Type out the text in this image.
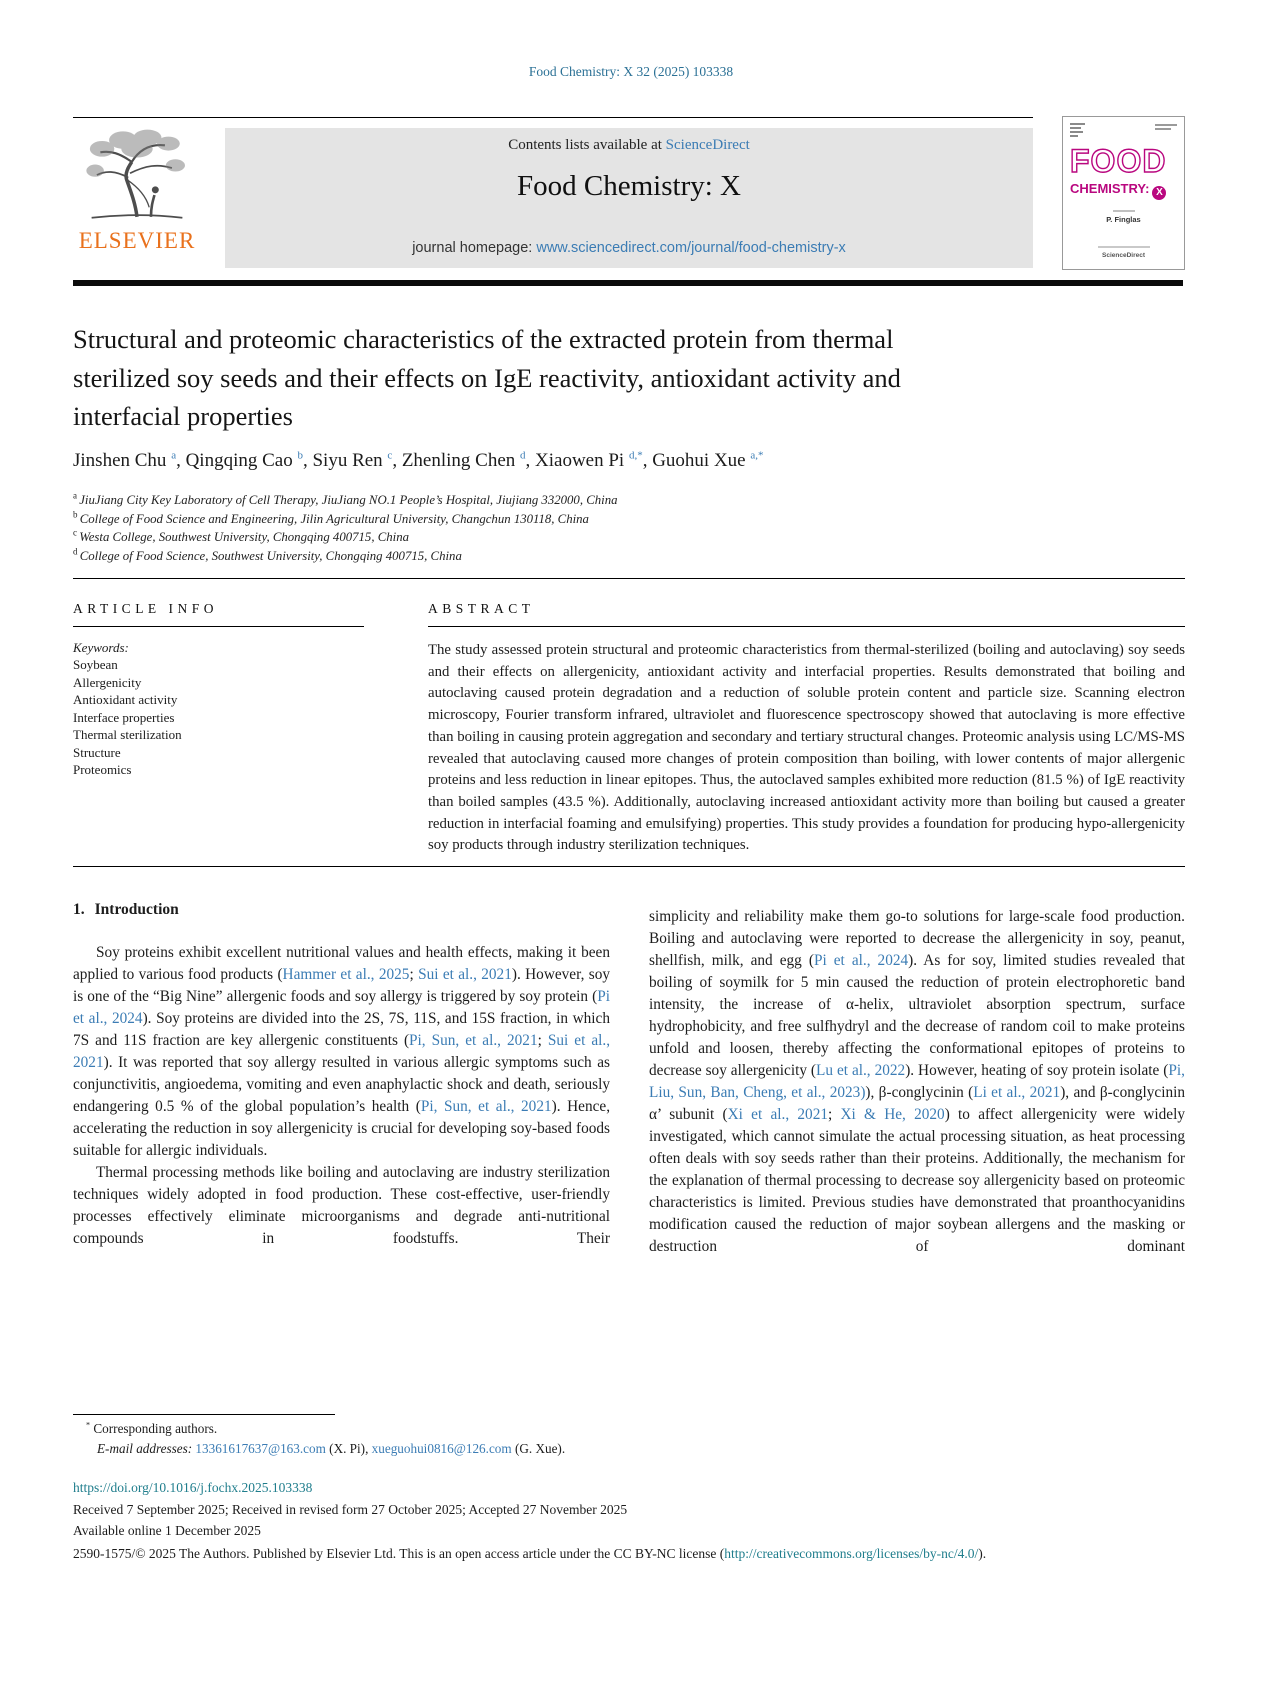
Food Chemistry: X 32 (2025) 103338
ELSEVIER
Contents lists available at ScienceDirect
Food Chemistry: X
journal homepage: www.sciencedirect.com/journal/food-chemistry-x
FOOD
CHEMISTRY: X
P. Finglas
ScienceDirect
Structural and proteomic characteristics of the extracted protein from thermal sterilized soy seeds and their effects on IgE reactivity, antioxidant activity and interfacial properties
Jinshen Chu $^a$, Qingqing Cao $^b$, Siyu Ren $^c$, Zhenling Chen $^d$, Xiaowen Pi $^{d,*}$, Guohui Xue $^{a,*}$
$^a$ JiuJiang City Key Laboratory of Cell Therapy, JiuJiang NO.1 People’s Hospital, Jiujiang 332000, China
$^b$ College of Food Science and Engineering, Jilin Agricultural University, Changchun 130118, China
$^c$ Westa College, Southwest University, Chongqing 400715, China
$^d$ College of Food Science, Southwest University, Chongqing 400715, China
ARTICLE INFO
Keywords:
Soybean
Allergenicity
Antioxidant activity
Interface properties
Thermal sterilization
Structure
Proteomics
ABSTRACT
The study assessed protein structural and proteomic characteristics from thermal-sterilized (boiling and autoclaving) soy seeds and their effects on allergenicity, antioxidant activity and interfacial properties. Results demonstrated that boiling and autoclaving caused protein degradation and a reduction of soluble protein content and particle size. Scanning electron microscopy, Fourier transform infrared, ultraviolet and fluorescence spectroscopy showed that autoclaving is more effective than boiling in causing protein aggregation and secondary and tertiary structural changes. Proteomic analysis using LC/MS-MS revealed that autoclaving caused more changes of protein composition than boiling, with lower contents of major allergenic proteins and less reduction in linear epitopes. Thus, the autoclaved samples exhibited more reduction (81.5 %) of IgE reactivity than boiled samples (43.5 %). Additionally, autoclaving increased antioxidant activity more than boiling but caused a greater reduction in interfacial foaming and emulsifying) properties. This study provides a foundation for producing hypo-allergenicity soy products through industry sterilization techniques.
1. Introduction

Soy proteins exhibit excellent nutritional values and health effects, making it been applied to various food products (Hammer et al., 2025; Sui et al., 2021). However, soy is one of the “Big Nine” allergenic foods and soy allergy is triggered by soy protein (Pi et al., 2024). Soy proteins are divided into the 2S, 7S, 11S, and 15S fraction, in which 7S and 11S fraction are key allergenic constituents (Pi, Sun, et al., 2021; Sui et al., 2021). It was reported that soy allergy resulted in various allergic symptoms such as conjunctivitis, angioedema, vomiting and even anaphylactic shock and death, seriously endangering 0.5 % of the global population’s health (Pi, Sun, et al., 2021). Hence, accelerating the reduction in soy allergenicity is crucial for developing soy-based foods suitable for allergic individuals.

Thermal processing methods like boiling and autoclaving are industry sterilization techniques widely adopted in food production. These cost-effective, user-friendly processes effectively eliminate microorganisms and degrade anti-nutritional compounds in foodstuffs. Their

simplicity and reliability make them go-to solutions for large-scale food production. Boiling and autoclaving were reported to decrease the allergenicity in soy, peanut, shellfish, milk, and egg (Pi et al., 2024). As for soy, limited studies revealed that boiling of soymilk for 5 min caused the reduction of protein electrophoretic band intensity, the increase of α-helix, ultraviolet absorption spectrum, surface hydrophobicity, and free sulfhydryl and the decrease of random coil to make proteins unfold and loosen, thereby affecting the conformational epitopes of proteins to decrease soy allergenicity (Lu et al., 2022). However, heating of soy protein isolate (Pi, Liu, Sun, Ban, Cheng, et al., 2023)), β-conglycinin (Li et al., 2021), and β-conglycinin α’ subunit (Xi et al., 2021; Xi & He, 2020) to affect allergenicity were widely investigated, which cannot simulate the actual processing situation, as heat processing often deals with soy seeds rather than their proteins. Additionally, the mechanism for the explanation of thermal processing to decrease soy allergenicity based on proteomic characteristics is limited. Previous studies have demonstrated that proanthocyanidins modification caused the reduction of major soybean allergens and the masking or destruction of dominant

* Corresponding authors.
E-mail addresses: 13361617637@163.com (X. Pi), xueguohui0816@126.com (G. Xue).
https://doi.org/10.1016/j.fochx.2025.103338
Received 7 September 2025; Received in revised form 27 October 2025; Accepted 27 November 2025
Available online 1 December 2025
2590-1575/© 2025 The Authors. Published by Elsevier Ltd. This is an open access article under the CC BY-NC license (http://creativecommons.org/licenses/by-nc/4.0/).
